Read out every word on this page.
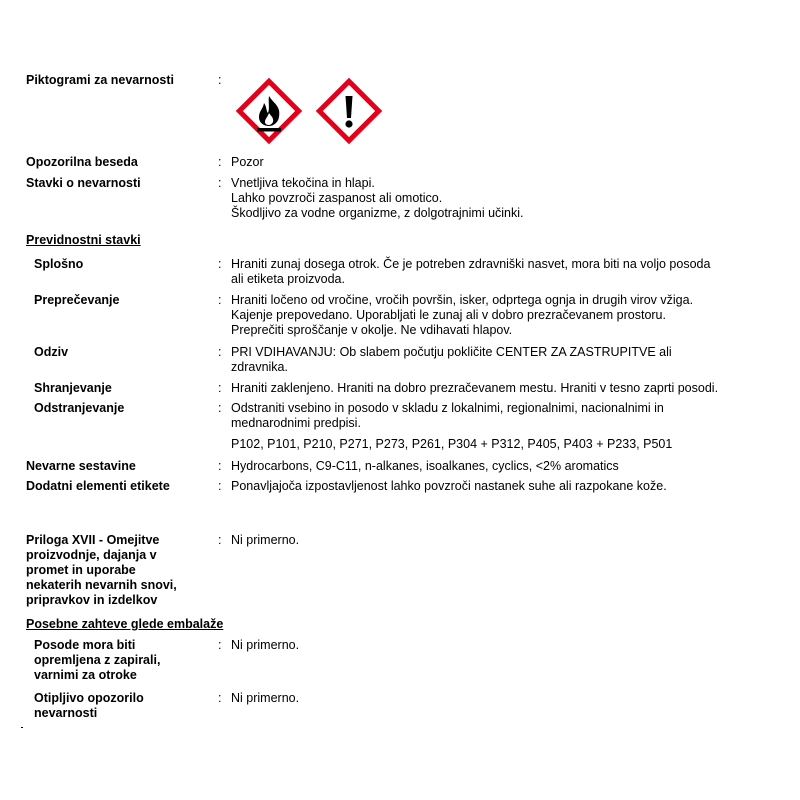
Piktogrami za nevarnosti	:
Opozorilna beseda	: Pozor
Stavki o nevarnosti	: Vnetljiva tekočina in hlapi.
Lahko povzroči zaspanost ali omotico.
Škodljivo za vodne organizme, z dolgotrajnimi učinki.
Previdnostni stavki
Splošno	: Hraniti zunaj dosega otrok. Če je potreben zdravniški nasvet, mora biti na voljo posoda
ali etiketa proizvoda.
Preprečevanje	: Hraniti ločeno od vročine, vročih površin, isker, odprtega ognja in drugih virov vžiga.
Kajenje prepovedano. Uporabljati le zunaj ali v dobro prezračevanem prostoru.
Preprečiti sproščanje v okolje. Ne vdihavati hlapov.
Odziv	: PRI VDIHAVANJU: Ob slabem počutju pokličite CENTER ZA ZASTRUPITVE ali
zdravnika.
Shranjevanje	: Hraniti zaklenjeno. Hraniti na dobro prezračevanem mestu. Hraniti v tesno zaprti posodi.
Odstranjevanje	: Odstraniti vsebino in posodo v skladu z lokalnimi, regionalnimi, nacionalnimi in
mednarodnimi predpisi.
P102, P101, P210, P271, P273, P261, P304 + P312, P405, P403 + P233, P501
Nevarne sestavine	: Hydrocarbons, C9-C11, n-alkanes, isoalkanes, cyclics, <2% aromatics
Dodatni elementi etikete	: Ponavljajoča izpostavljenost lahko povzroči nastanek suhe ali razpokane kože.
Priloga XVII - Omejitve
proizvodnje, dajanja v
promet in uporabe
nekaterih nevarnih snovi,
pripravkov in izdelkov
: Ni primerno.
Posebne zahteve glede embalaže
Posode mora biti
opremljena z zapirali,
varnimi za otroke
: Ni primerno.
Otipljivo opozorilo
nevarnosti
: Ni primerno.
